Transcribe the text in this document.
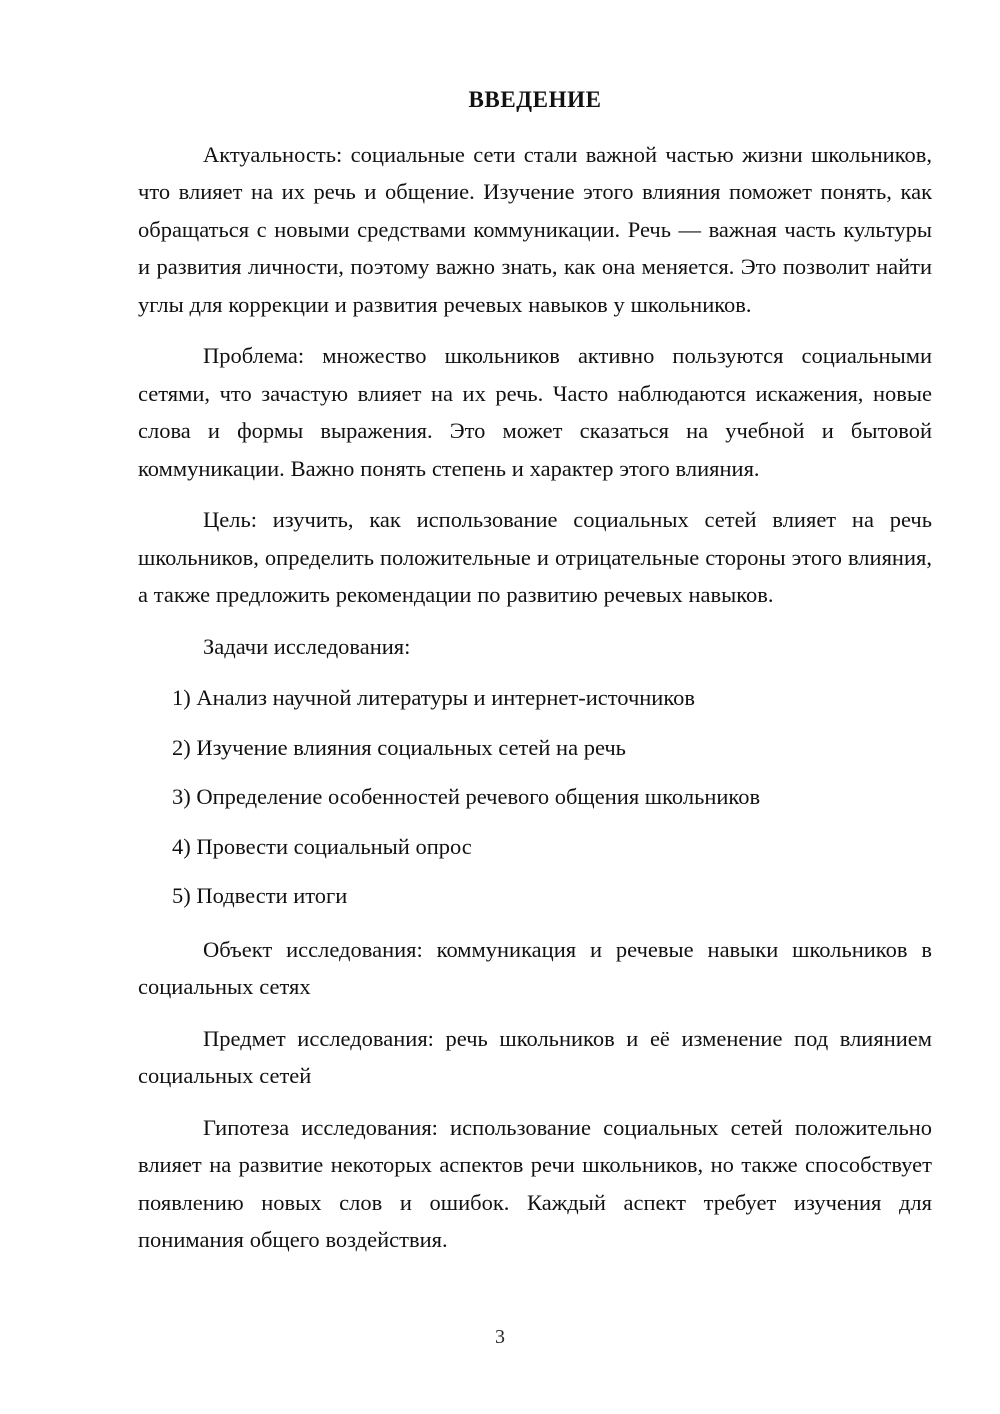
ВВЕДЕНИЕ

Актуальность: социальные сети стали важной частью жизни школьников, что влияет на их речь и общение. Изучение этого влияния поможет понять, как обращаться с новыми средствами коммуникации. Речь — важная часть культуры и развития личности, поэтому важно знать, как она меняется. Это позволит найти углы для коррекции и развития речевых навыков у школьников.

Проблема: множество школьников активно пользуются социальными сетями, что зачастую влияет на их речь. Часто наблюдаются искажения, новые слова и формы выражения. Это может сказаться на учебной и бытовой коммуникации. Важно понять степень и характер этого влияния.

Цель: изучить, как использование социальных сетей влияет на речь школьников, определить положительные и отрицательные стороны этого влияния, а также предложить рекомендации по развитию речевых навыков.

Задачи исследования:

1) Анализ научной литературы и интернет-источников
2) Изучение влияния социальных сетей на речь
3) Определение особенностей речевого общения школьников
4) Провести социальный опрос
5) Подвести итоги

Объект исследования: коммуникация и речевые навыки школьников в социальных сетях

Предмет исследования: речь школьников и её изменение под влиянием социальных сетей

Гипотеза исследования: использование социальных сетей положительно влияет на развитие некоторых аспектов речи школьников, но также способствует появлению новых слов и ошибок. Каждый аспект требует изучения для понимания общего воздействия.

3
